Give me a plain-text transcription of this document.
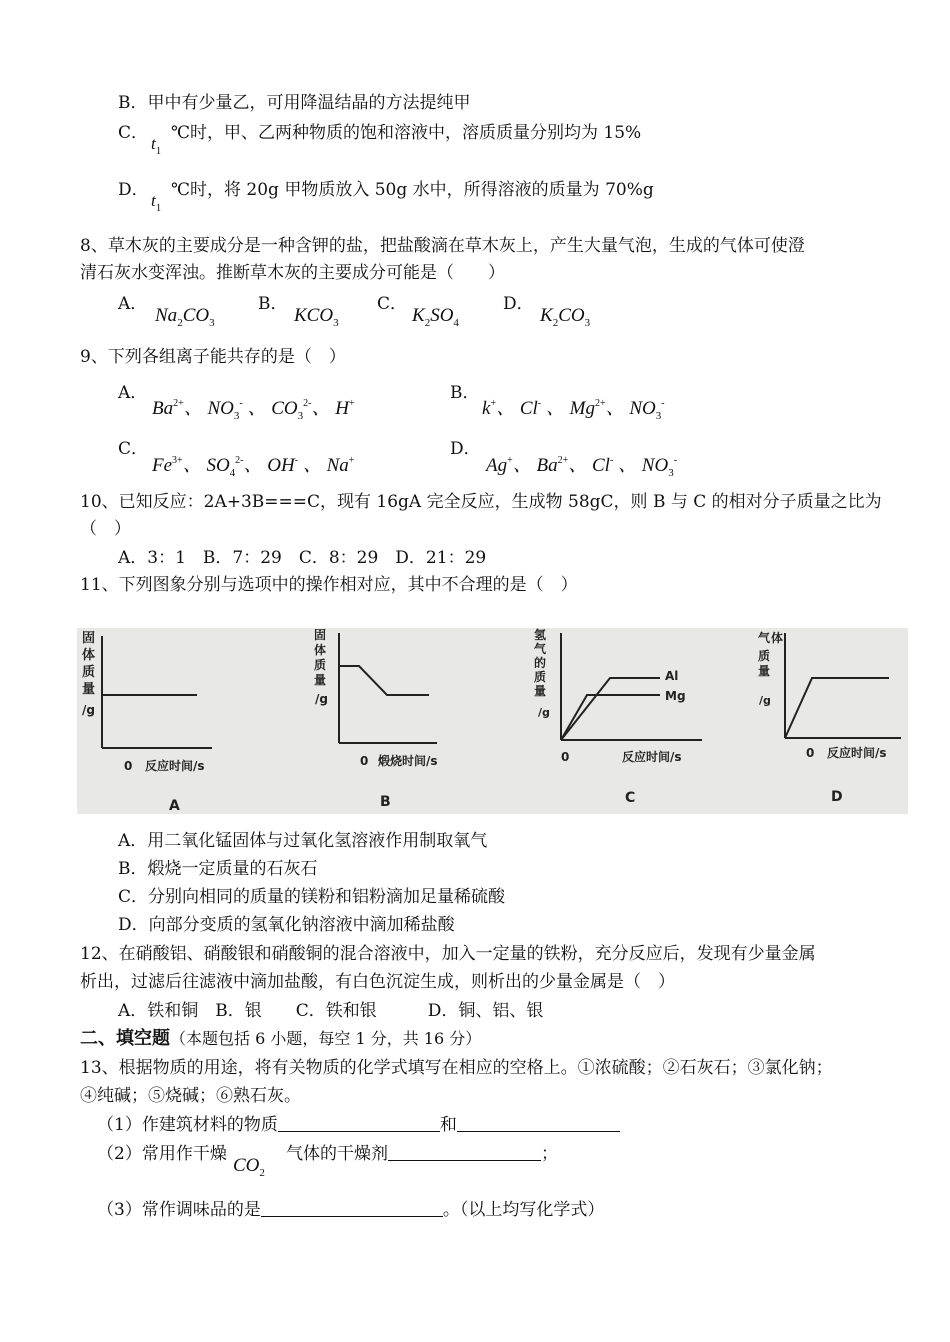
B．甲中有少量乙，可用降温结晶的方法提纯甲
C．
$t_1$
℃时，甲、乙两种物质的饱和溶液中，溶质质量分别均为 15%
D．
$t_1$
℃时，将 20g 甲物质放入 50g 水中，所得溶液的质量为 70%g
8、草木灰的主要成分是一种含钾的盐，把盐酸滴在草木灰上，产生大量气泡，生成的气体可使澄
清石灰水变浑浊。推断草木灰的主要成分可能是（　　）
A．
$Na_2CO_3$
B．
$KCO_3$
C．
$K_2SO_4$
D．
$K_2CO_3$
9、下列各组离子能共存的是（　）
A．
$Ba^{2+}$、 $NO_3^-$ 、 $CO_3^{2-}$、 H+
B．
k+、 Cl- 、 $Mg^{2+}$、 $NO_3^-$
C．
$Fe^{3+}$、 $SO_4^{2-}$、 OH- 、 Na+
D．
Ag+、 $Ba^{2+}$、 Cl- 、 $NO_3^-$
10、已知反应：2A+3B===C，现有 16gA 完全反应，生成物 58gC，则 B 与 C 的相对分子质量之比为
（　）
A．3：1　B．7：29　C．8：29　D．21：29
11、下列图象分别与选项中的操作相对应，其中不合理的是（　）
固
体
质
量
/g
0 反应时间/s
A
固
体
质
量
/g
0 煅烧时间/s
B
氢
气
的
质
量
/g
Al
Mg
0	反应时间/s
C
气 体
质
量
/g
0 反应时间/s
D
A．用二氧化锰固体与过氧化氢溶液作用制取氧气
B．煅烧一定质量的石灰石
C．分别向相同的质量的镁粉和铝粉滴加足量稀硫酸
D．向部分变质的氢氧化钠溶液中滴加稀盐酸
12、在硝酸铝、硝酸银和硝酸铜的混合溶液中，加入一定量的铁粉，充分反应后，发现有少量金属
析出，过滤后往滤液中滴加盐酸，有白色沉淀生成，则析出的少量金属是（　）
A．铁和铜　B．银　　C．铁和银　　　D．铜、铝、银
二、填空题（本题包括 6 小题，每空 1 分，共 16 分）
13、根据物质的用途，将有关物质的化学式填写在相应的空格上。①浓硫酸；②石灰石；③氯化钠；
④纯碱；⑤烧碱；⑥熟石灰。
（1）作建筑材料的物质	和
（2）常用作干燥
$CO_2$
气体的干燥剂	；
（3）常作调味品的是	。（以上均写化学式）
